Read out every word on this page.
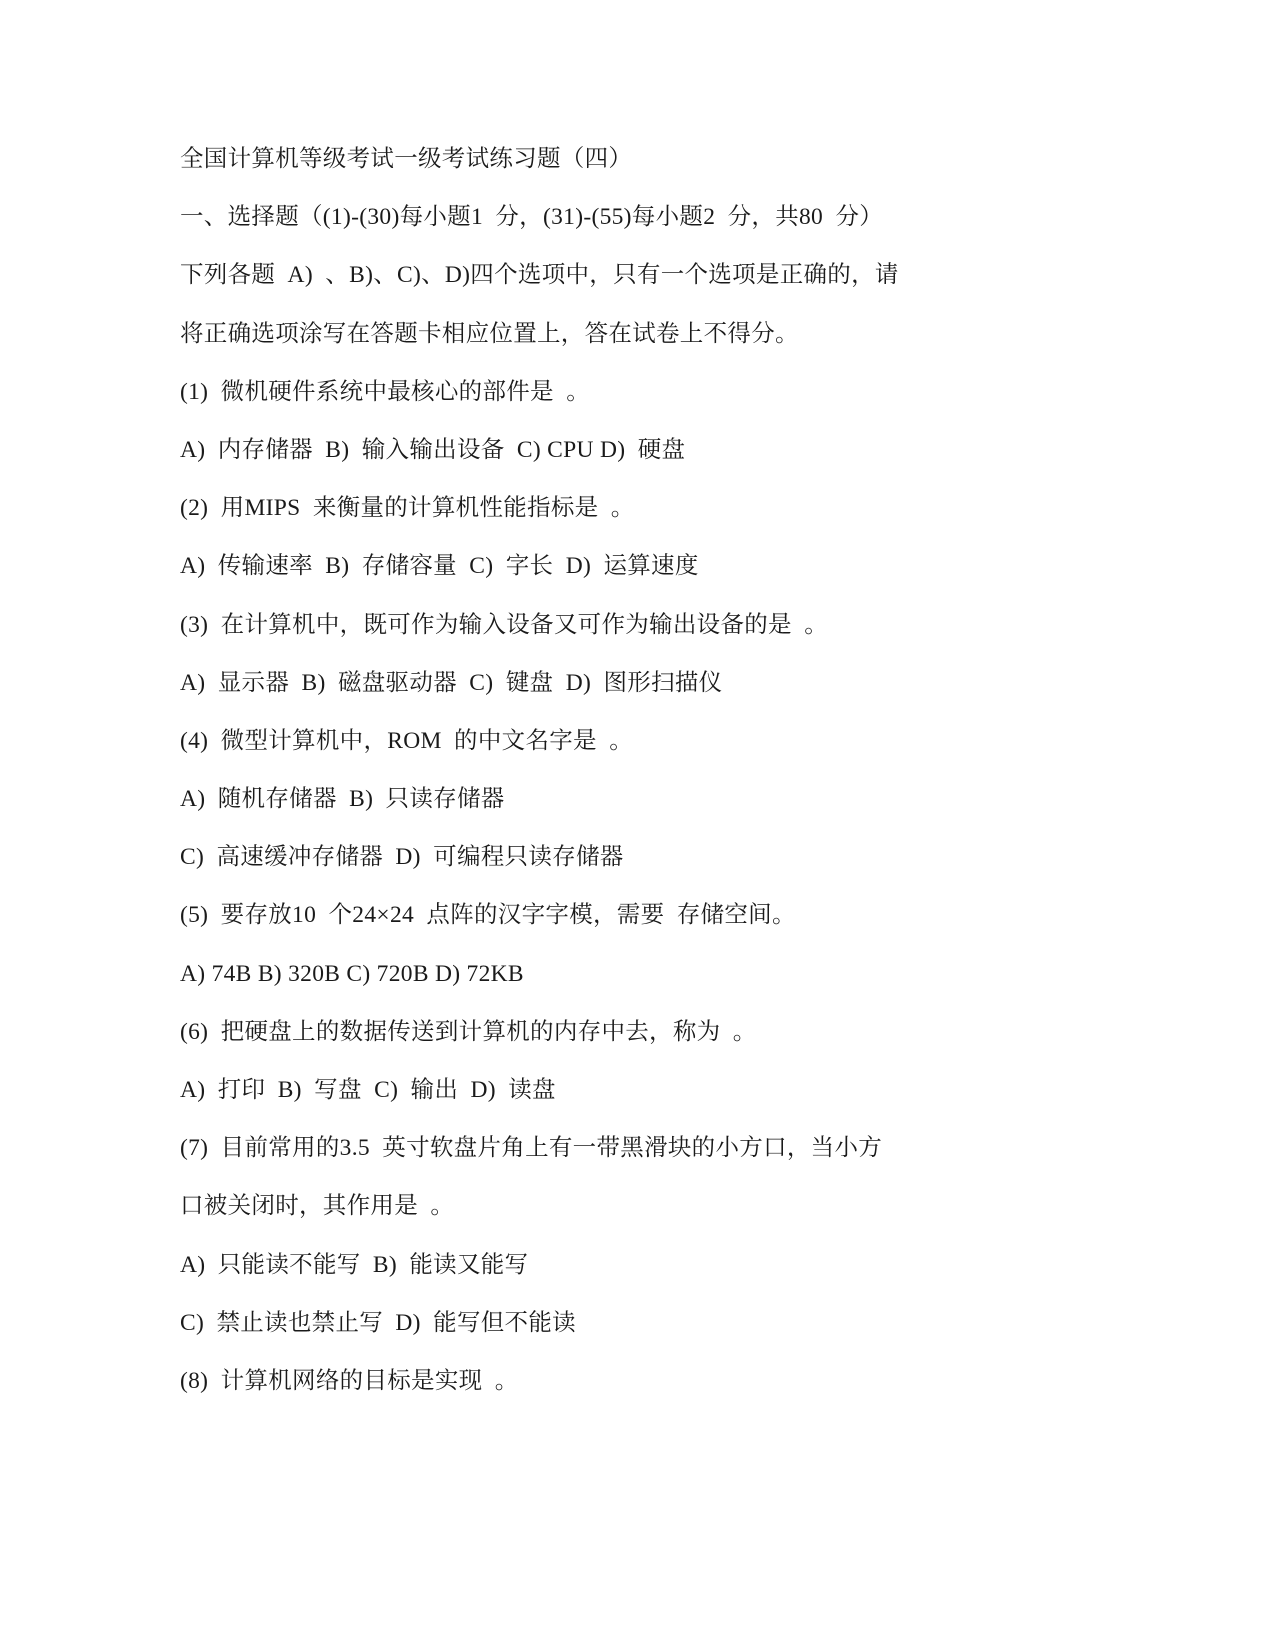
全国计算机等级考试一级考试练习题（四）
一、选择题（(1)-(30)每小题1  分，(31)-(55)每小题2  分，共80  分）
下列各题  A)  、B)、C)、D)四个选项中，只有一个选项是正确的，请
将正确选项涂写在答题卡相应位置上，答在试卷上不得分。
(1)  微机硬件系统中最核心的部件是  。
A)  内存储器  B)  输入输出设备  C) CPU D)  硬盘
(2)  用MIPS  来衡量的计算机性能指标是  。
A)  传输速率  B)  存储容量  C)  字长  D)  运算速度
(3)  在计算机中，既可作为输入设备又可作为输出设备的是  。
A)  显示器  B)  磁盘驱动器  C)  键盘  D)  图形扫描仪
(4)  微型计算机中，ROM  的中文名字是  。
A)  随机存储器  B)  只读存储器
C)  高速缓冲存储器  D)  可编程只读存储器
(5)  要存放10  个24×24  点阵的汉字字模，需要  存储空间。
A) 74B B) 320B C) 720B D) 72KB
(6)  把硬盘上的数据传送到计算机的内存中去，称为  。
A)  打印  B)  写盘  C)  输出  D)  读盘
(7)  目前常用的3.5  英寸软盘片角上有一带黑滑块的小方口，当小方
口被关闭时，其作用是  。
A)  只能读不能写  B)  能读又能写
C)  禁止读也禁止写  D)  能写但不能读
(8)  计算机网络的目标是实现  。
